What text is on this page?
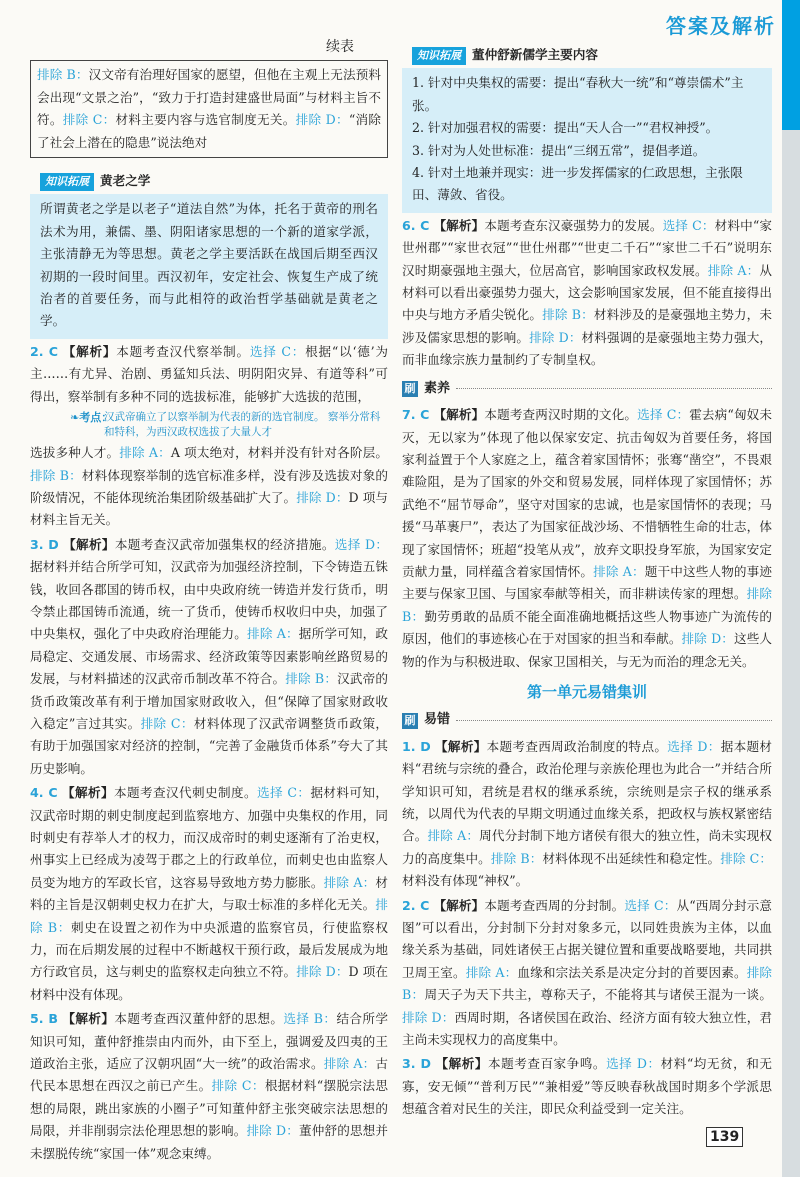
答案及解析
续表
排除 B：汉文帝有治理好国家的愿望，但他在主观上无法预料会出现“文景之治”，“致力于打造封建盛世局面”与材料主旨不符。排除 C：材料主要内容与选官制度无关。排除 D：“消除了社会上潜在的隐患”说法绝对
知识拓展 黄老之学
所谓黄老之学是以老子“道法自然”为体，托名于黄帝的刑名法术为用，兼儒、墨、阴阳诸家思想的一个新的道家学派，主张清静无为等思想。黄老之学主要活跃在战国后期至西汉初期的一段时间里。西汉初年，安定社会、恢复生产成了统治者的首要任务，而与此相符的政治哲学基础就是黄老之学。
2. C 【解析】本题考查汉代察举制。选择 C：根据“以‘德’为主……有尤异、治剧、勇猛知兵法、明阴阳灾异、有道等科”可得出，察举制有多种不同的选拔标准，能够扩大选拔的范围，
❧考点：
汉武帝确立了以察举制为代表的新的选官制度。 察举分常科和特科，为西汉政权选拔了大量人才
选拔多种人才。排除 A：A 项太绝对，材料并没有针对各阶层。排除 B：材料体现察举制的选官标准多样，没有涉及选拔对象的阶级情况，不能体现统治集团阶级基础扩大了。排除 D：D 项与材料主旨无关。
3. D 【解析】本题考查汉武帝加强集权的经济措施。选择 D：据材料并结合所学可知，汉武帝为加强经济控制，下令铸造五铢钱，收回各郡国的铸币权，由中央政府统一铸造并发行货币，明令禁止郡国铸币流通，统一了货币，使铸币权收归中央，加强了中央集权，强化了中央政府治理能力。排除 A：据所学可知，政局稳定、交通发展、市场需求、经济政策等因素影响丝路贸易的发展，与材料描述的汉武帝币制改革不符合。排除 B：汉武帝的货币政策改革有利于增加国家财政收入，但“保障了国家财政收入稳定”言过其实。排除 C：材料体现了汉武帝调整货币政策，有助于加强国家对经济的控制，“完善了金融货币体系”夸大了其历史影响。
4. C 【解析】本题考查汉代刺史制度。选择 C：据材料可知，汉武帝时期的刺史制度起到监察地方、加强中央集权的作用，同时刺史有荐举人才的权力，而汉成帝时的刺史逐渐有了治吏权，州事实上已经成为凌驾于郡之上的行政单位，而刺史也由监察人员变为地方的军政长官，这容易导致地方势力膨胀。排除 A：材料的主旨是汉朝刺史权力在扩大，与取士标准的多样化无关。排除 B：刺史在设置之初作为中央派遣的监察官员，行使监察权力，而在后期发展的过程中不断越权干预行政，最后发展成为地方行政官员，这与刺史的监察权走向独立不符。排除 D：D 项在材料中没有体现。
5. B 【解析】本题考查西汉董仲舒的思想。选择 B：结合所学知识可知，董仲舒推崇由内而外，由下至上，强调爱及四夷的王道政治主张，适应了汉朝巩固“大一统”的政治需求。排除 A：古代民本思想在西汉之前已产生。排除 C：根据材料“摆脱宗法思想的局限，跳出家族的小圈子”可知董仲舒主张突破宗法思想的局限，并非削弱宗法伦理思想的影响。排除 D：董仲舒的思想并未摆脱传统“家国一体”观念束缚。
知识拓展 董仲舒新儒学主要内容
1. 针对中央集权的需要：提出“春秋大一统”和“尊崇儒术”主张。
2. 针对加强君权的需要：提出“天人合一”“君权神授”。
3. 针对为人处世标准：提出“三纲五常”，提倡孝道。
4. 针对土地兼并现实：进一步发挥儒家的仁政思想，主张限田、薄敛、省役。
6. C 【解析】本题考查东汉豪强势力的发展。选择 C：材料中“家世州郡”“家世衣冠”“世仕州郡”“世吏二千石”“家世二千石”说明东汉时期豪强地主强大，位居高官，影响国家政权发展。排除 A：从材料可以看出豪强势力强大，这会影响国家发展，但不能直接得出中央与地方矛盾尖锐化。排除 B：材料涉及的是豪强地主势力，未涉及儒家思想的影响。排除 D：材料强调的是豪强地主势力强大，而非血缘宗族力量制约了专制皇权。
刷 素养
7. C 【解析】本题考查两汉时期的文化。选择 C：霍去病“匈奴未灭，无以家为”体现了他以保家安定、抗击匈奴为首要任务，将国家利益置于个人家庭之上，蕴含着家国情怀；张骞“凿空”，不畏艰难险阻，是为了国家的外交和贸易发展，同样体现了家国情怀；苏武绝不“屈节辱命”，坚守对国家的忠诚，也是家国情怀的表现；马援“马革裹尸”，表达了为国家征战沙场、不惜牺牲生命的壮志，体现了家国情怀；班超“投笔从戎”，放弃文职投身军旅，为国家安定贡献力量，同样蕴含着家国情怀。排除 A：题干中这些人物的事迹主要与保家卫国、与国家奉献等相关，而非耕读传家的理想。排除 B：勤劳勇敢的品质不能全面准确地概括这些人物事迹广为流传的原因，他们的事迹核心在于对国家的担当和奉献。排除 D：这些人物的作为与积极进取、保家卫国相关，与无为而治的理念无关。
第一单元易错集训
刷 易错
1. D 【解析】本题考查西周政治制度的特点。选择 D：据本题材料“君统与宗统的叠合，政治伦理与亲族伦理也为此合一”并结合所学知识可知，君统是君权的继承系统，宗统则是宗子权的继承系统，以周代为代表的早期文明通过血缘关系，把政权与族权紧密结合。排除 A：周代分封制下地方诸侯有很大的独立性，尚未实现权力的高度集中。排除 B：材料体现不出延续性和稳定性。排除 C：材料没有体现“神权”。
2. C 【解析】本题考查西周的分封制。选择 C：从“西周分封示意图”可以看出，分封制下分封对象多元，以同姓贵族为主体，以血缘关系为基础，同姓诸侯王占据关键位置和重要战略要地，共同拱卫周王室。排除 A：血缘和宗法关系是决定分封的首要因素。排除 B：周天子为天下共主，尊称天子，不能将其与诸侯王混为一谈。排除 D：西周时期，各诸侯国在政治、经济方面有较大独立性，君主尚未实现权力的高度集中。
3. D 【解析】本题考查百家争鸣。选择 D：材料“均无贫，和无寡，安无倾”“普利万民”“兼相爱”等反映春秋战国时期多个学派思想蕴含着对民生的关注，即民众利益受到一定关注。
139
